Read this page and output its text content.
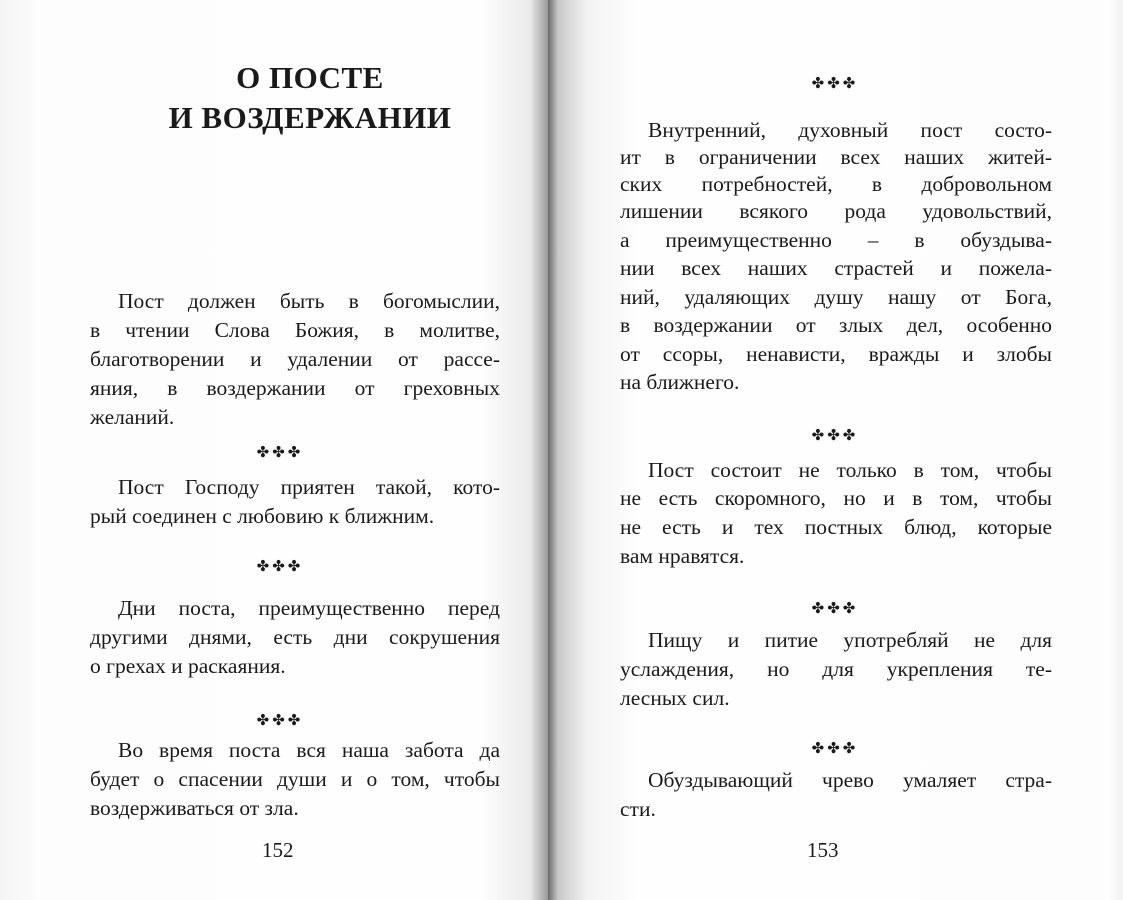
О ПОСТЕ
И ВОЗДЕРЖАНИИ
152
✤✤✤
✤✤✤
✤✤✤
Пост должен быть в богомыслии,
в чтении Слова Божия, в молитве,
благотворении и удалении от рассе-
яния, в воздержании от греховных
желаний.
Пост Господу приятен такой, кото-
рый соединен с любовию к ближним.
Дни поста, преимущественно перед
другими днями, есть дни сокрушения
о грехах и раскаяния.
Во время поста вся наша забота да
будет о спасении души и о том, чтобы
воздерживаться от зла.
153
✤✤✤
✤✤✤
✤✤✤
✤✤✤
Внутренний, духовный пост состо-
ит в ограничении всех наших житей-
ских потребностей, в добровольном
лишении всякого рода удовольствий,
а преимущественно – в обуздыва-
нии всех наших страстей и пожела-
ний, удаляющих душу нашу от Бога,
в воздержании от злых дел, особенно
от ссоры, ненависти, вражды и злобы
на ближнего.
Пост состоит не только в том, чтобы
не есть скоромного, но и в том, чтобы
не есть и тех постных блюд, которые
вам нравятся.
Пищу и питие употребляй не для
услаждения, но для укрепления те-
лесных сил.
Обуздывающий чрево умаляет стра-
сти.
